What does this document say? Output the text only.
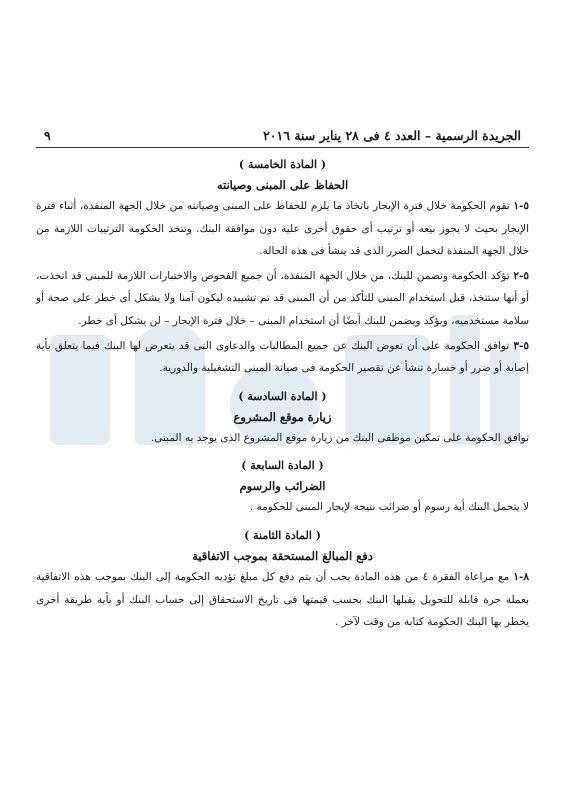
الجريدة الرسمية – العدد ٤ فى ٢٨ يناير سنة ٢٠١٦
٩
( المادة الخامسة )
الحفاظ على المبنى وصيانته

٥-١ تقوم الحكومة خلال فترة الإيجار باتخاذ ما يلزم للحفاظ على المبنى وصيانته من خلال الجهة المنفذة، أثناء فترة الإيجار بحيث لا يجوز بيعه أو ترتيب أى حقوق أخرى عليه دون موافقة البنك. وتتخذ الحكومة الترتيبات اللازمة من خلال الجهة المنفذة لتحمل الضرر الذى قد ينشأ فى هذه الحالة.

٥-٢ تؤكد الحكومة وتضمن للبنك، من خلال الجهة المنفذة، أن جميع الفحوص والاختبارات اللازمة للمبنى قد اتخذت، أو أنها ستتخذ، قبل استخدام المبنى للتأكد من أن المبنى قد تم تشييده ليكون آمنا ولا يشكل أى خطر على صحة أو سلامة مستخدميه، ويؤكد ويضمن للبنك أيضًا أن استخدام المبنى – خلال فترة الإيجار – لن يشكل أى خطر.

٥-٣ توافق الحكومة على أن تعوض البنك عن جميع المطالبات والدعاوى التى قد يتعرض لها البنك فيما يتعلق بأية إصابة أو ضرر أو خسارة تنشأ عن تقصير الحكومة فى صيانة المبنى التشغيلية والدورية.

( المادة السادسة )
زيارة موقع المشروع

توافق الحكومة على تمكين موظفى البنك من زيارة موقع المشروع الذى يوجد به المبنى.

( المادة السابعة )
الضرائب والرسوم

لا يتحمل البنك أية رسوم أو ضرائب نتيجة لإيجار المبنى للحكومة .

( المادة الثامنة )
دفع المبالغ المستحقة بموجب الاتفاقية

٨-١ مع مراعاة الفقرة ٤ من هذه المادة يجب أن يتم دفع كل مبلغ تؤديه الحكومة إلى البنك بموجب هذه الاتفاقية بعملة حرة قابلة للتحويل يقبلها البنك بحسب قيمتها فى تاريخ الاستحقاق إلى حساب البنك أو بأية طريقة أخرى يخطر بها البنك الحكومة كتابة من وقت لآخر .
